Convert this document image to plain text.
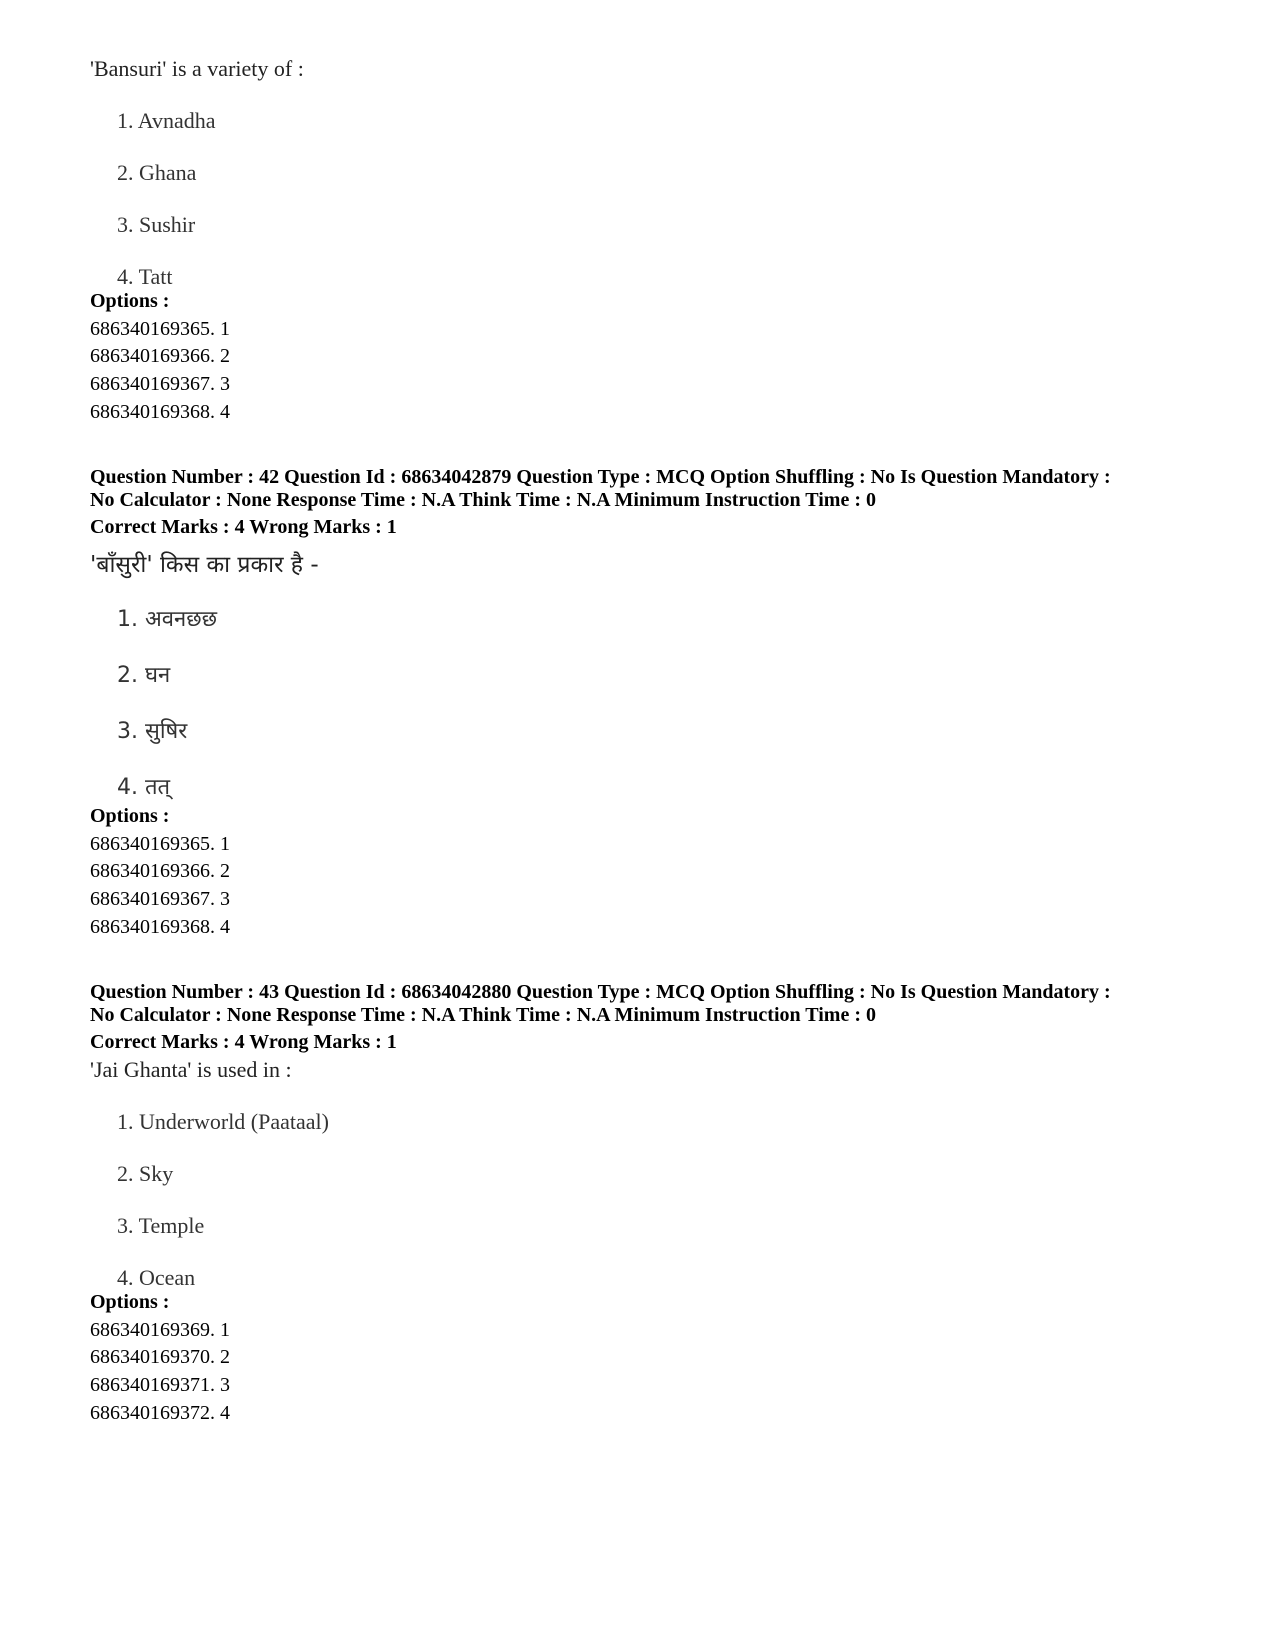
'Bansuri' is a variety of :
1. Avnadha
2. Ghana
3. Sushir
4. Tatt
Options :
686340169365. 1
686340169366. 2
686340169367. 3
686340169368. 4
Question Number : 42 Question Id : 68634042879 Question Type : MCQ Option Shuffling : No Is Question Mandatory :
No Calculator : None Response Time : N.A Think Time : N.A Minimum Instruction Time : 0
Correct Marks : 4 Wrong Marks : 1
'बाँसुरी' किस का प्रकार है -
1. अवनछछ
2. घन
3. सुषिर
4. तत्
Options :
686340169365. 1
686340169366. 2
686340169367. 3
686340169368. 4
Question Number : 43 Question Id : 68634042880 Question Type : MCQ Option Shuffling : No Is Question Mandatory :
No Calculator : None Response Time : N.A Think Time : N.A Minimum Instruction Time : 0
Correct Marks : 4 Wrong Marks : 1
'Jai Ghanta' is used in :
1. Underworld (Paataal)
2. Sky
3. Temple
4. Ocean
Options :
686340169369. 1
686340169370. 2
686340169371. 3
686340169372. 4
